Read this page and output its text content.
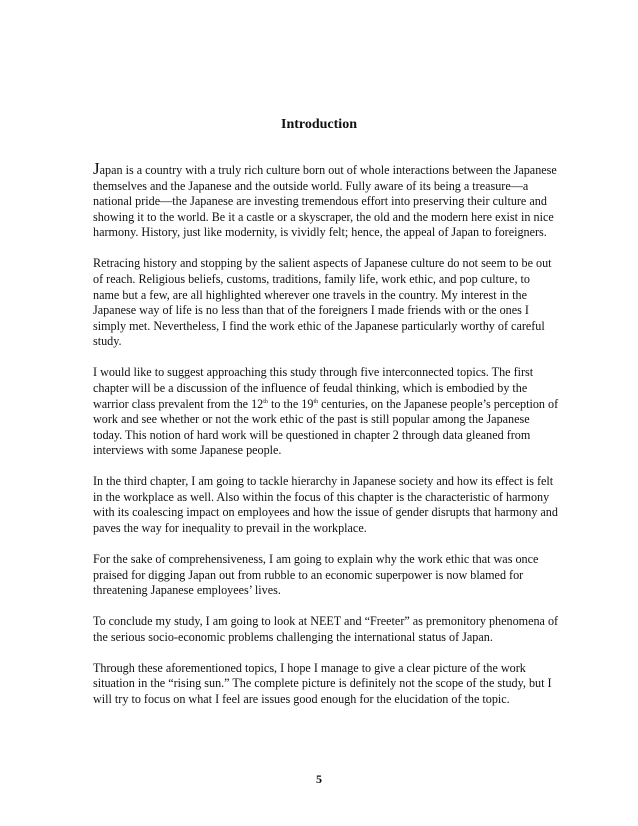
Introduction

Japan is a country with a truly rich culture born out of whole interactions between the Japanese themselves and the Japanese and the outside world. Fully aware of its being a treasure—a national pride—the Japanese are investing tremendous effort into preserving their culture and showing it to the world. Be it a castle or a skyscraper, the old and the modern here exist in nice harmony. History, just like modernity, is vividly felt; hence, the appeal of Japan to foreigners.

Retracing history and stopping by the salient aspects of Japanese culture do not seem to be out of reach. Religious beliefs, customs, traditions, family life, work ethic, and pop culture, to name but a few, are all highlighted wherever one travels in the country. My interest in the Japanese way of life is no less than that of the foreigners I made friends with or the ones I simply met. Nevertheless, I find the work ethic of the Japanese particularly worthy of careful study.

I would like to suggest approaching this study through five interconnected topics. The first chapter will be a discussion of the influence of feudal thinking, which is embodied by the warrior class prevalent from the 12th to the 19th centuries, on the Japanese people’s perception of work and see whether or not the work ethic of the past is still popular among the Japanese today. This notion of hard work will be questioned in chapter 2 through data gleaned from interviews with some Japanese people.

In the third chapter, I am going to tackle hierarchy in Japanese society and how its effect is felt in the workplace as well. Also within the focus of this chapter is the characteristic of harmony with its coalescing impact on employees and how the issue of gender disrupts that harmony and paves the way for inequality to prevail in the workplace.

For the sake of comprehensiveness, I am going to explain why the work ethic that was once praised for digging Japan out from rubble to an economic superpower is now blamed for threatening Japanese employees’ lives.

To conclude my study, I am going to look at NEET and “Freeter” as premonitory phenomena of the serious socio-economic problems challenging the international status of Japan.

Through these aforementioned topics, I hope I manage to give a clear picture of the work situation in the “rising sun.” The complete picture is definitely not the scope of the study, but I will try to focus on what I feel are issues good enough for the elucidation of the topic.

5
